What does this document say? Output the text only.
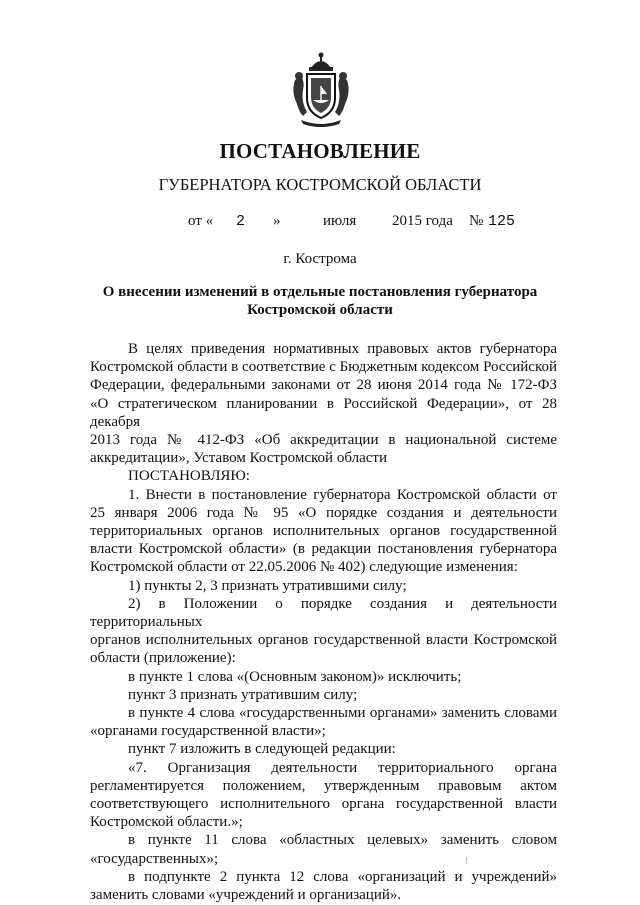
ПОСТАНОВЛЕНИЕ
ГУБЕРНАТОРА КОСТРОМСКОЙ ОБЛАСТИ
от « 2 »	июля 2015 года № 125
г. Кострома
О внесении изменений в отдельные постановления губернатора
Костромской области

В целях приведения нормативных правовых актов губернатора

Костромской области в соответствие с Бюджетным кодексом Российской

Федерации, федеральными законами от 28 июня 2014 года № 172-ФЗ

«О стратегическом планировании в Российской Федерации», от 28 декабря

2013 года № 412-ФЗ «Об аккредитации в национальной системе

аккредитации», Уставом Костромской области

ПОСТАНОВЛЯЮ:

1. Внести в постановление губернатора Костромской области от

25 января 2006 года № 95 «О порядке создания и деятельности

территориальных органов исполнительных органов государственной

власти Костромской области» (в редакции постановления губернатора

Костромской области от 22.05.2006 № 402) следующие изменения:

1) пункты 2, 3 признать утратившими силу;

2) в Положении о порядке создания и деятельности территориальных

органов исполнительных органов государственной власти Костромской

области (приложение):

в пункте 1 слова «(Основным законом)» исключить;

пункт 3 признать утратившим силу;

в пункте 4 слова «государственными органами» заменить словами

«органами государственной власти»;

пункт 7 изложить в следующей редакции:

«7. Организация деятельности территориального органа

регламентируется положением, утвержденным правовым актом

соответствующего исполнительного органа государственной власти

Костромской области.»;

в пункте 11 слова «областных целевых» заменить словом

«государственных»;

в подпункте 2 пункта 12 слова «организаций и учреждений»

заменить словами «учреждений и организаций».
